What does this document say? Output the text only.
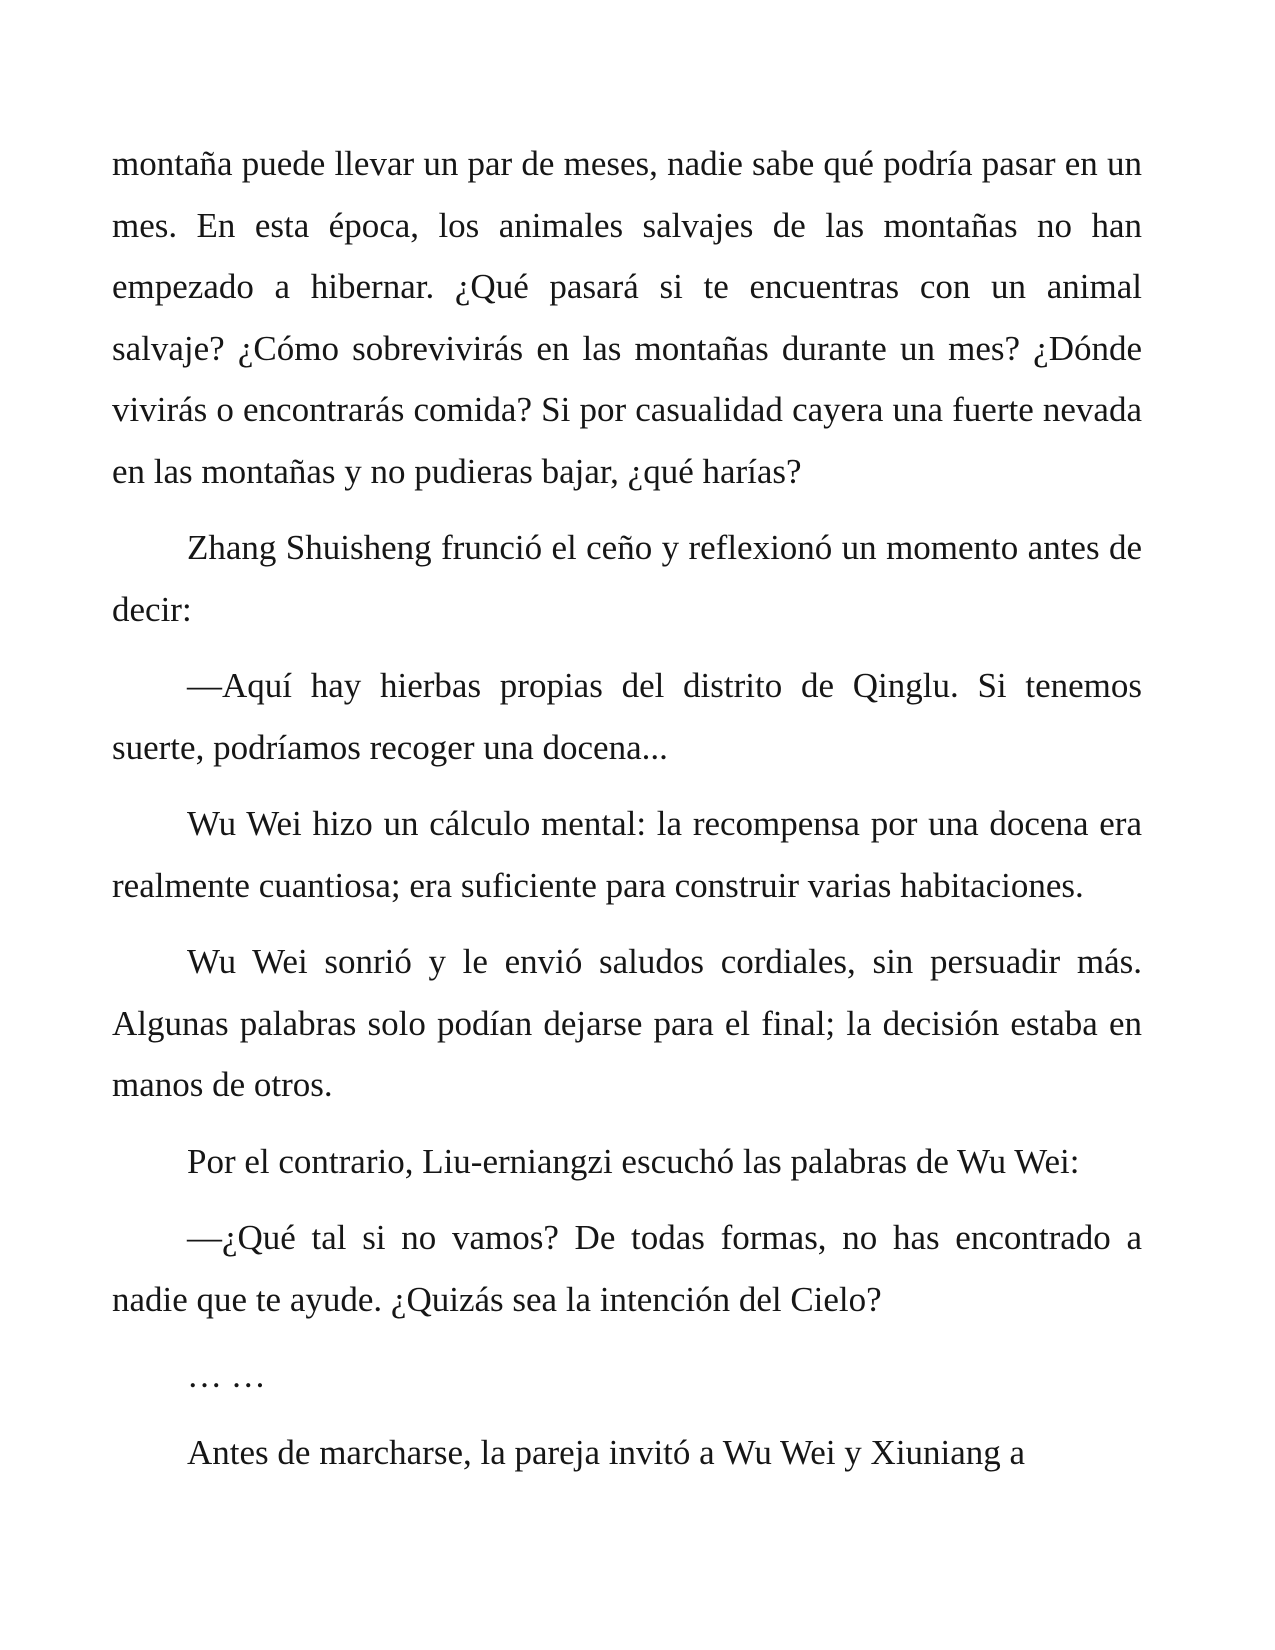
montaña puede llevar un par de meses, nadie sabe qué podría pasar en un mes. En esta época, los animales salvajes de las montañas no han empezado a hibernar. ¿Qué pasará si te encuentras con un animal salvaje? ¿Cómo sobrevivirás en las montañas durante un mes? ¿Dónde vivirás o encontrarás comida? Si por casualidad cayera una fuerte nevada en las montañas y no pudieras bajar, ¿qué harías?

Zhang Shuisheng frunció el ceño y reflexionó un momento antes de decir:

—Aquí hay hierbas propias del distrito de Qinglu. Si tenemos suerte, podríamos recoger una docena...

Wu Wei hizo un cálculo mental: la recompensa por una docena era realmente cuantiosa; era suficiente para construir varias habitaciones.

Wu Wei sonrió y le envió saludos cordiales, sin persuadir más. Algunas palabras solo podían dejarse para el final; la decisión estaba en manos de otros.

Por el contrario, Liu-erniangzi escuchó las palabras de Wu Wei:

—¿Qué tal si no vamos? De todas formas, no has encontrado a nadie que te ayude. ¿Quizás sea la intención del Cielo?

… …

Antes de marcharse, la pareja invitó a Wu Wei y Xiuniang a
